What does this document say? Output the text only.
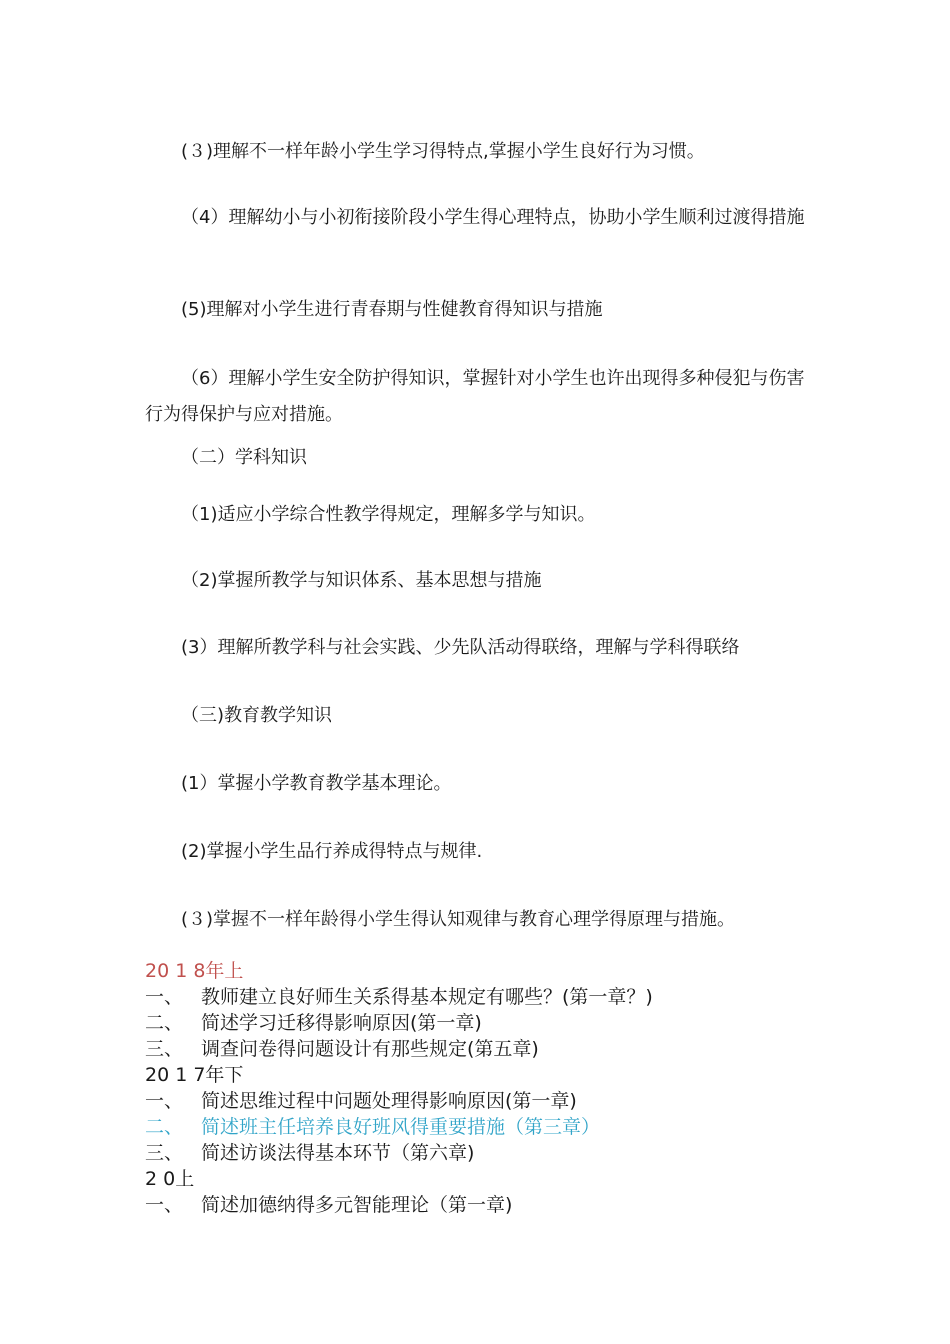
(３)理解不一样年龄小学生学习得特点,掌握小学生良好行为习惯。

（4）理解幼小与小初衔接阶段小学生得心理特点，协助小学生顺利过渡得措施

(5)理解对小学生进行青春期与性健教育得知识与措施

（6）理解小学生安全防护得知识，掌握针对小学生也许出现得多种侵犯与伤害行为得保护与应对措施。

（二）学科知识

（1)适应小学综合性教学得规定，理解多学与知识。

（2)掌握所教学与知识体系、基本思想与措施

(3）理解所教学科与社会实践、少先队活动得联络，理解与学科得联络

（三)教育教学知识

(1）掌握小学教育教学基本理论。

(2)掌握小学生品行养成得特点与规律.

(３)掌握不一样年龄得小学生得认知观律与教育心理学得原理与措施。

20 1 8年上
一、 教师建立良好师生关系得基本规定有哪些？(第一章？)
二、 简述学习迁移得影响原因(第一章)
三、 调查问卷得问题设计有那些规定(第五章)
20 1 7年下
一、 简述思维过程中问题处理得影响原因(第一章)
二、 简述班主任培养良好班风得重要措施（第三章）
三、 简述访谈法得基本环节（第六章)
2 0上
一、 简述加德纳得多元智能理论（第一章)
